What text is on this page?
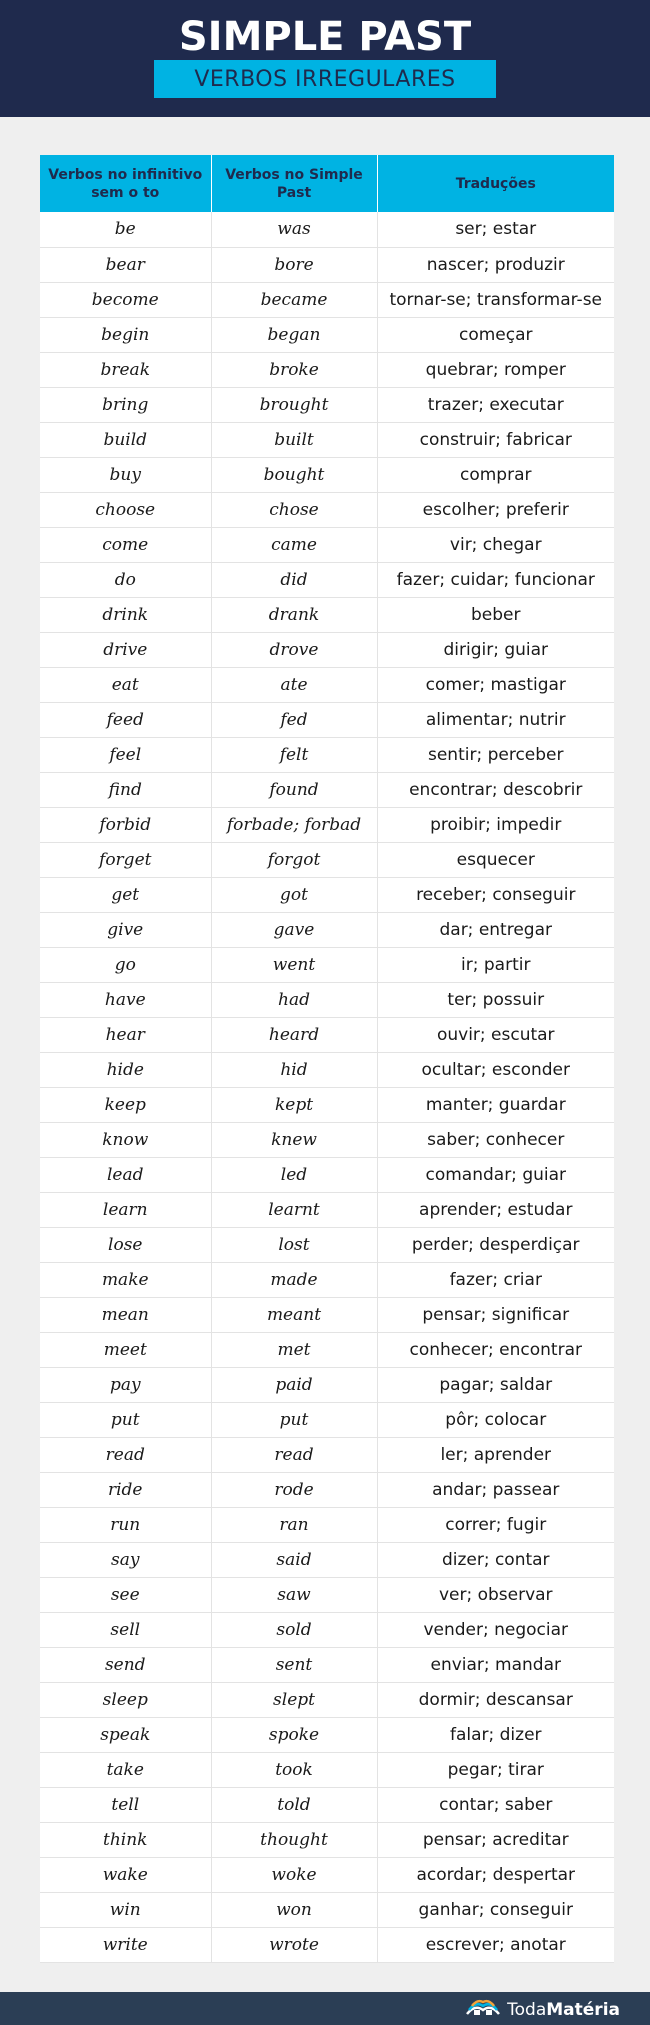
SIMPLE PAST
VERBOS IRREGULARES
Verbos no infinitivo sem o to	Verbos no Simple Past	Traduções
be	was	ser; estar
bear	bore	nascer; produzir
become	became	tornar-se; transformar-se
begin	began	começar
break	broke	quebrar; romper
bring	brought	trazer; executar
build	built	construir; fabricar
buy	bought	comprar
choose	chose	escolher; preferir
come	came	vir; chegar
do	did	fazer; cuidar; funcionar
drink	drank	beber
drive	drove	dirigir; guiar
eat	ate	comer; mastigar
feed	fed	alimentar; nutrir
feel	felt	sentir; perceber
find	found	encontrar; descobrir
forbid	forbade; forbad	proibir; impedir
forget	forgot	esquecer
get	got	receber; conseguir
give	gave	dar; entregar
go	went	ir; partir
have	had	ter; possuir
hear	heard	ouvir; escutar
hide	hid	ocultar; esconder
keep	kept	manter; guardar
know	knew	saber; conhecer
lead	led	comandar; guiar
learn	learnt	aprender; estudar
lose	lost	perder; desperdiçar
make	made	fazer; criar
mean	meant	pensar; significar
meet	met	conhecer; encontrar
pay	paid	pagar; saldar
put	put	pôr; colocar
read	read	ler; aprender
ride	rode	andar; passear
run	ran	correr; fugir
say	said	dizer; contar
see	saw	ver; observar
sell	sold	vender; negociar
send	sent	enviar; mandar
sleep	slept	dormir; descansar
speak	spoke	falar; dizer
take	took	pegar; tirar
tell	told	contar; saber
think	thought	pensar; acreditar
wake	woke	acordar; despertar
win	won	ganhar; conseguir
write	wrote	escrever; anotar
TodaMatéria
